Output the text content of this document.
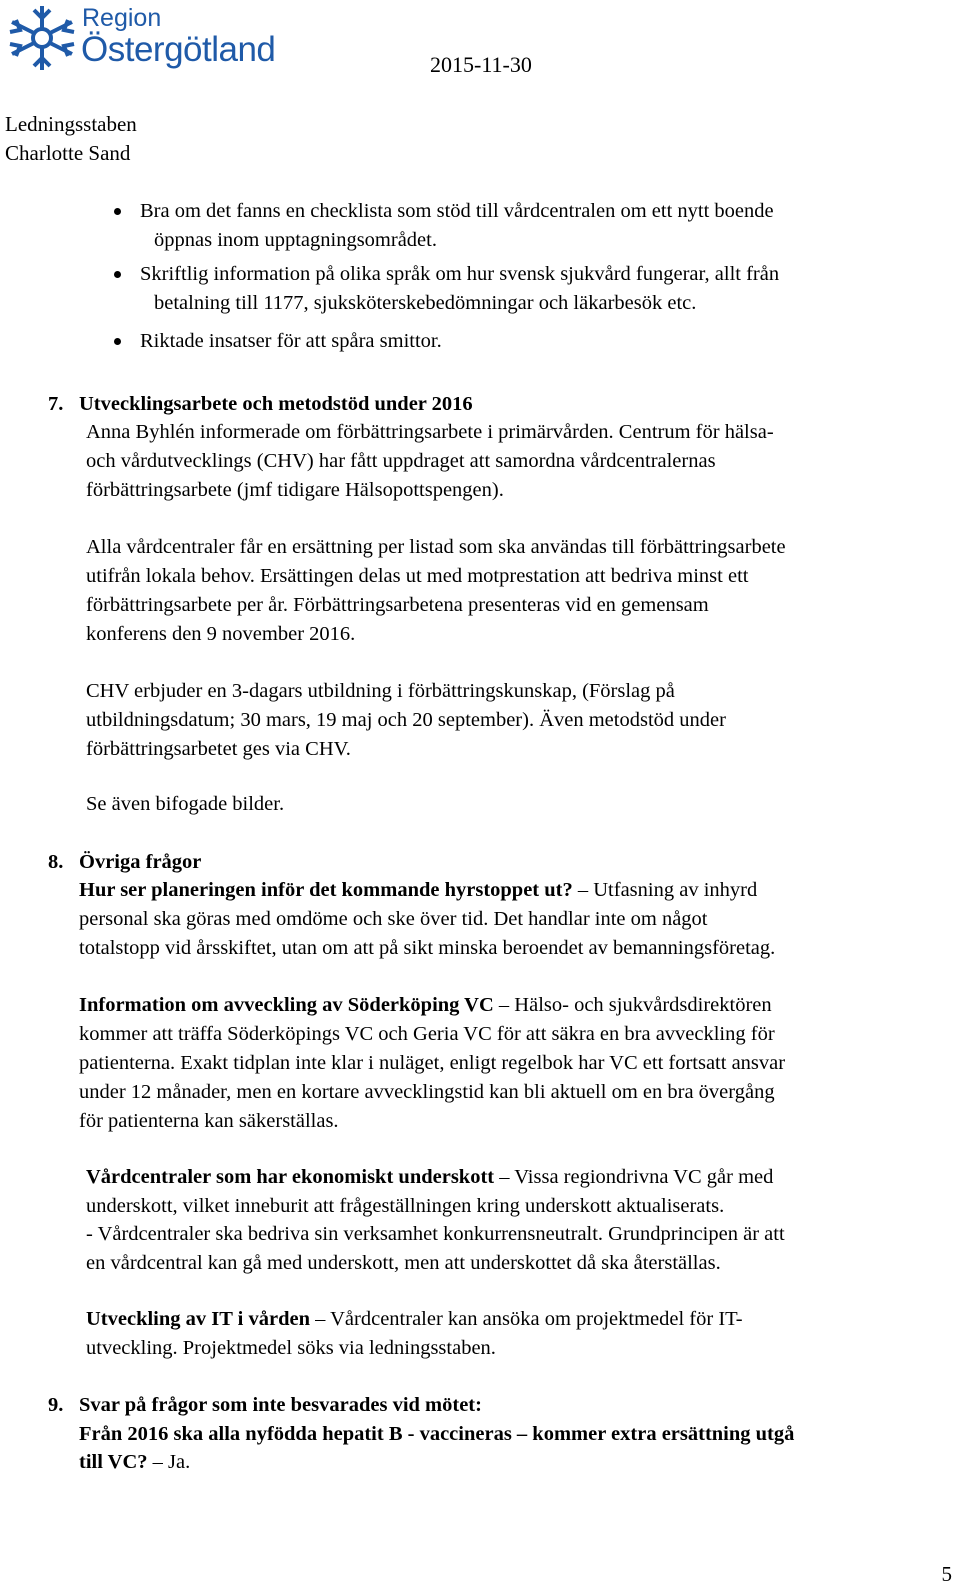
Region
Östergötland	2015-11-30
Ledningsstaben
Charlotte Sand
Bra om det fanns en checklista som stöd till vårdcentralen om ett nytt boende
öppnas inom upptagningsområdet.
Skriftlig information på olika språk om hur svensk sjukvård fungerar, allt från
betalning till 1177, sjuksköterskebedömningar och läkarbesök etc.
Riktade insatser för att spåra smittor.
7. Utvecklingsarbete och metodstöd under 2016
Anna Byhlén informerade om förbättringsarbete i primärvården. Centrum för hälsa-
och vårdutvecklings (CHV) har fått uppdraget att samordna vårdcentralernas
förbättringsarbete (jmf tidigare Hälsopottspengen).
Alla vårdcentraler får en ersättning per listad som ska användas till förbättringsarbete
utifrån lokala behov. Ersättingen delas ut med motprestation att bedriva minst ett
förbättringsarbete per år. Förbättringsarbetena presenteras vid en gemensam
konferens den 9 november 2016.
CHV erbjuder en 3-dagars utbildning i förbättringskunskap, (Förslag på
utbildningsdatum; 30 mars, 19 maj och 20 september). Även metodstöd under
förbättringsarbetet ges via CHV.
Se även bifogade bilder.
8. Övriga frågor
Hur ser planeringen inför det kommande hyrstoppet ut? – Utfasning av inhyrd
personal ska göras med omdöme och ske över tid. Det handlar inte om något
totalstopp vid årsskiftet, utan om att på sikt minska beroendet av bemanningsföretag.
Information om avveckling av Söderköping VC – Hälso- och sjukvårdsdirektören
kommer att träffa Söderköpings VC och Geria VC för att säkra en bra avveckling för
patienterna. Exakt tidplan inte klar i nuläget, enligt regelbok har VC ett fortsatt ansvar
under 12 månader, men en kortare avvecklingstid kan bli aktuell om en bra övergång
för patienterna kan säkerställas.
Vårdcentraler som har ekonomiskt underskott – Vissa regiondrivna VC går med
underskott, vilket inneburit att frågeställningen kring underskott aktualiserats.
- Vårdcentraler ska bedriva sin verksamhet konkurrensneutralt. Grundprincipen är att
en vårdcentral kan gå med underskott, men att underskottet då ska återställas.
Utveckling av IT i vården – Vårdcentraler kan ansöka om projektmedel för IT-
utveckling. Projektmedel söks via ledningsstaben.
9. Svar på frågor som inte besvarades vid mötet:
Från 2016 ska alla nyfödda hepatit B - vaccineras – kommer extra ersättning utgå
till VC? – Ja.
5
